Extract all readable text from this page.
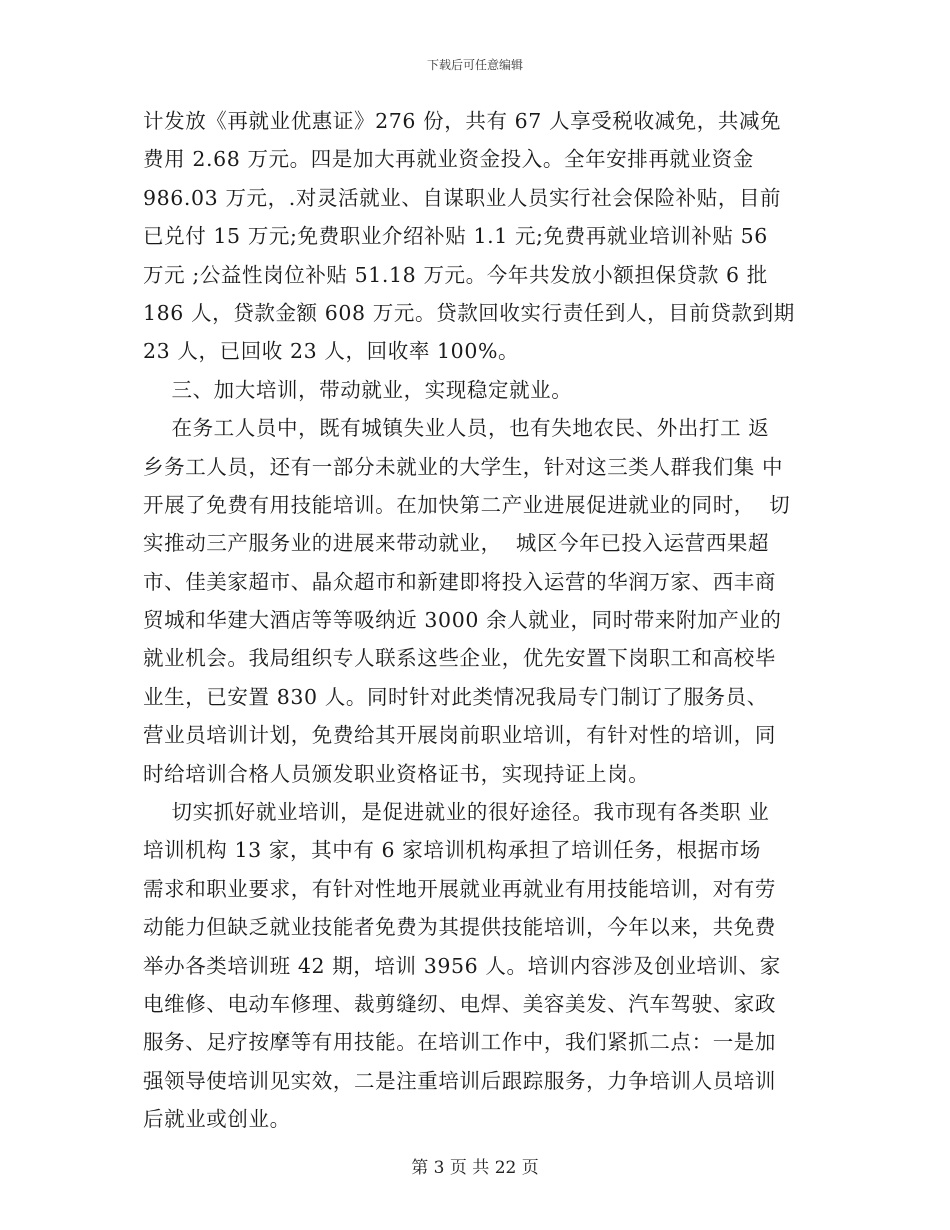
下载后可任意编辑
计发放《再就业优惠证》276 份，共有 67 人享受税收减免，共减免
费用 2.68 万元。四是加大再就业资金投入。全年安排再就业资金
986.03 万元，.对灵活就业、自谋职业人员实行社会保险补贴，目前
已兑付 15 万元;免费职业介绍补贴 1.1 元;免费再就业培训补贴 56
万元 ;公益性岗位补贴 51.18 万元。今年共发放小额担保贷款 6 批
186 人，贷款金额 608 万元。贷款回收实行责任到人，目前贷款到期
23 人，已回收 23 人，回收率 100%。
三、加大培训，带动就业，实现稳定就业。
在务工人员中，既有城镇失业人员，也有失地农民、外出打工 返
乡务工人员，还有一部分未就业的大学生，针对这三类人群我们集 中
开展了免费有用技能培训。在加快第二产业进展促进就业的同时，  切
实推动三产服务业的进展来带动就业，  城区今年已投入运营西果超
市、佳美家超市、晶众超市和新建即将投入运营的华润万家、西丰商
贸城和华建大酒店等等吸纳近 3000 余人就业，同时带来附加产业的
就业机会。我局组织专人联系这些企业，优先安置下岗职工和高校毕
业生，已安置 830 人。同时针对此类情况我局专门制订了服务员、
营业员培训计划，免费给其开展岗前职业培训，有针对性的培训，同
时给培训合格人员颁发职业资格证书，实现持证上岗。
切实抓好就业培训，是促进就业的很好途径。我市现有各类职 业
培训机构 13 家，其中有 6 家培训机构承担了培训任务，根据市场
需求和职业要求，有针对性地开展就业再就业有用技能培训，对有劳
动能力但缺乏就业技能者免费为其提供技能培训，今年以来，共免费
举办各类培训班 42 期，培训 3956 人。培训内容涉及创业培训、家
电维修、电动车修理、裁剪缝纫、电焊、美容美发、汽车驾驶、家政
服务、足疗按摩等有用技能。在培训工作中，我们紧抓二点：一是加
强领导使培训见实效，二是注重培训后跟踪服务，力争培训人员培训
后就业或创业。
第 3 页 共 22 页
